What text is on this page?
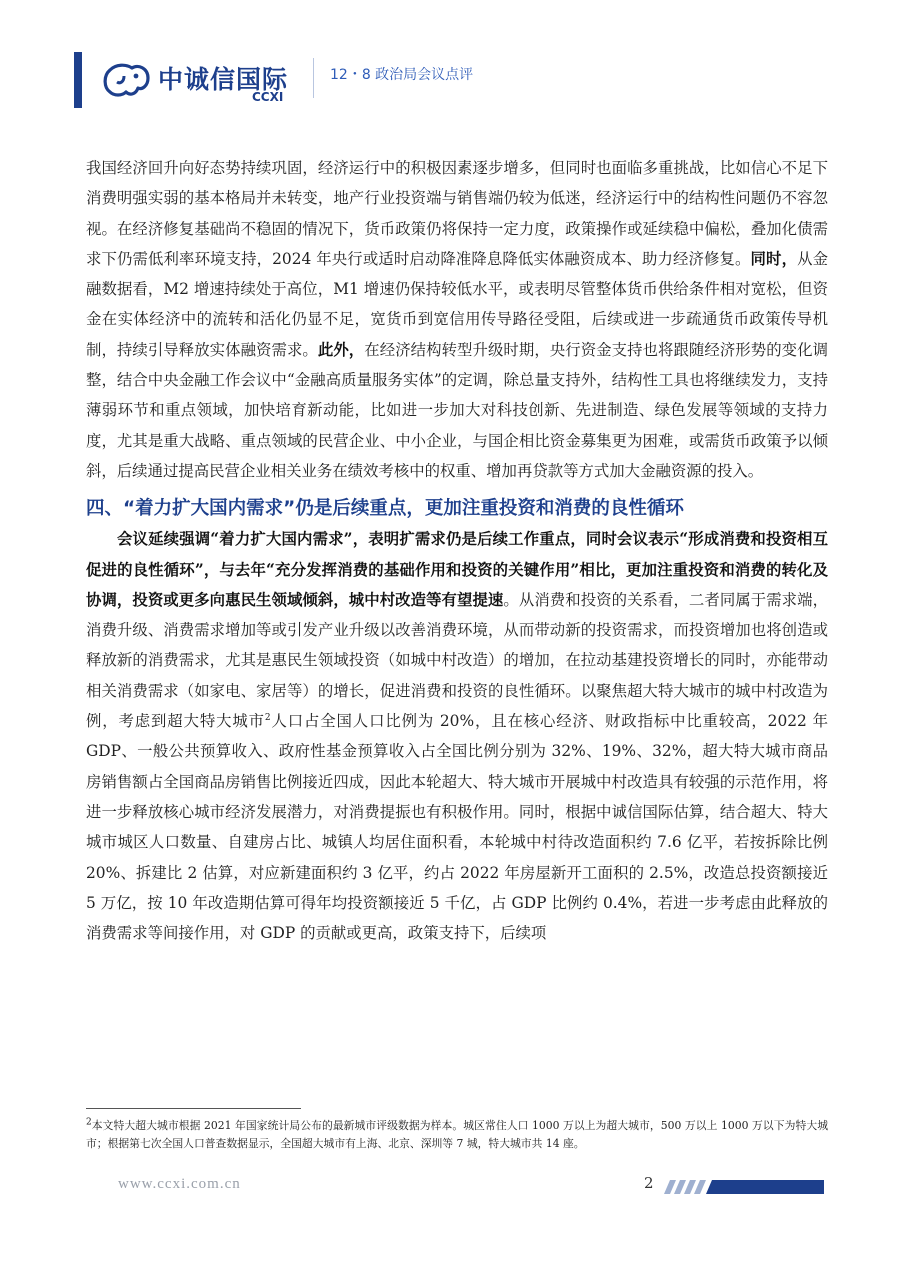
中诚信国际
CCXI
12・8 政治局会议点评

我国经济回升向好态势持续巩固，经济运行中的积极因素逐步增多，但同时也面临多重挑战，比如信心不足下消费明强实弱的基本格局并未转变，地产行业投资端与销售端仍较为低迷，经济运行中的结构性问题仍不容忽视。在经济修复基础尚不稳固的情况下，货币政策仍将保持一定力度，政策操作或延续稳中偏松，叠加化债需求下仍需低利率环境支持，2024 年央行或适时启动降准降息降低实体融资成本、助力经济修复。同时，从金融数据看，M2 增速持续处于高位，M1 增速仍保持较低水平，或表明尽管整体货币供给条件相对宽松，但资金在实体经济中的流转和活化仍显不足，宽货币到宽信用传导路径受阻，后续或进一步疏通货币政策传导机制，持续引导释放实体融资需求。此外，在经济结构转型升级时期，央行资金支持也将跟随经济形势的变化调整，结合中央金融工作会议中“金融高质量服务实体”的定调，除总量支持外，结构性工具也将继续发力，支持薄弱环节和重点领域，加快培育新动能，比如进一步加大对科技创新、先进制造、绿色发展等领域的支持力度，尤其是重大战略、重点领域的民营企业、中小企业，与国企相比资金募集更为困难，或需货币政策予以倾斜，后续通过提高民营企业相关业务在绩效考核中的权重、增加再贷款等方式加大金融资源的投入。

四、“着力扩大国内需求”仍是后续重点，更加注重投资和消费的良性循环

会议延续强调“着力扩大国内需求”，表明扩需求仍是后续工作重点，同时会议表示“形成消费和投资相互促进的良性循环”，与去年“充分发挥消费的基础作用和投资的关键作用”相比，更加注重投资和消费的转化及协调，投资或更多向惠民生领域倾斜，城中村改造等有望提速。从消费和投资的关系看，二者同属于需求端，消费升级、消费需求增加等或引发产业升级以改善消费环境，从而带动新的投资需求，而投资增加也将创造或释放新的消费需求，尤其是惠民生领域投资（如城中村改造）的增加，在拉动基建投资增长的同时，亦能带动相关消费需求（如家电、家居等）的增长，促进消费和投资的良性循环。以聚焦超大特大城市的城中村改造为例，考虑到超大特大城市$^2$人口占全国人口比例为 20%，且在核心经济、财政指标中比重较高，2022 年 GDP、一般公共预算收入、政府性基金预算收入占全国比例分别为 32%、19%、32%，超大特大城市商品房销售额占全国商品房销售比例接近四成，因此本轮超大、特大城市开展城中村改造具有较强的示范作用，将进一步释放核心城市经济发展潜力，对消费提振也有积极作用。同时，根据中诚信国际估算，结合超大、特大城市城区人口数量、自建房占比、城镇人均居住面积看，本轮城中村待改造面积约 7.6 亿平，若按拆除比例 20%、拆建比 2 估算，对应新建面积约 3 亿平，约占 2022 年房屋新开工面积的 2.5%，改造总投资额接近 5 万亿，按 10 年改造期估算可得年均投资额接近 5 千亿，占 GDP 比例约 0.4%，若进一步考虑由此释放的消费需求等间接作用，对 GDP 的贡献或更高，政策支持下，后续项

$^2$本文特大超大城市根据 2021 年国家统计局公布的最新城市评级数据为样本。城区常住人口 1000 万以上为超大城市，500 万以上 1000 万以下为特大城市；根据第七次全国人口普查数据显示，全国超大城市有上海、北京、深圳等 7 城，特大城市共 14 座。
www.ccxi.com.cn	2
